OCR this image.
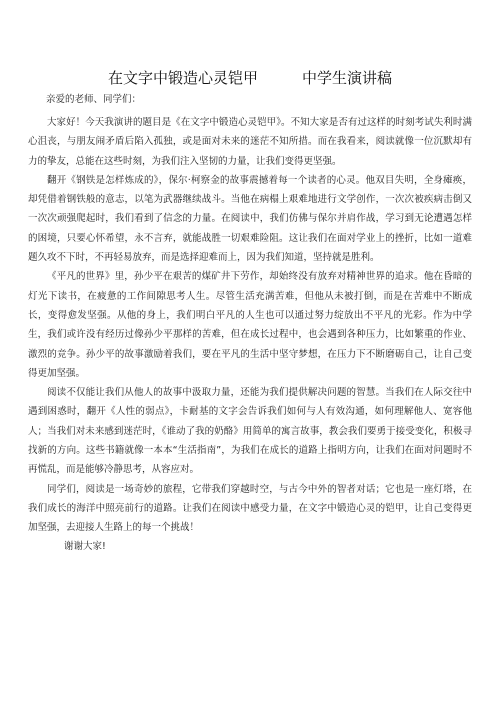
在文字中锻造心灵铠甲	中学生演讲稿
亲爱的老师、同学们：

大家好！今天我演讲的题目是《在文字中锻造心灵铠甲》。不知大家是否有过这样的时刻考试失利时满心沮丧，与朋友闹矛盾后陷入孤独，或是面对未来的迷茫不知所措。而在我看来，阅读就像一位沉默却有力的挚友，总能在这些时刻，为我们注入坚韧的力量，让我们变得更坚强。

翻开《钢铁是怎样炼成的》，保尔·柯察金的故事震撼着每一个读者的心灵。他双目失明，全身瘫痪，却凭借着钢铁般的意志，以笔为武器继续战斗。当他在病榻上艰难地进行文学创作，一次次被疾病击倒又一次次顽强爬起时，我们看到了信念的力量。在阅读中，我们仿佛与保尔并肩作战，学习到无论遭遇怎样的困境，只要心怀希望，永不言弃，就能战胜一切艰难险阻。这让我们在面对学业上的挫折，比如一道难题久攻不下时，不再轻易放弃，而是选择迎难而上，因为我们知道，坚持就是胜利。

《平凡的世界》里，孙少平在艰苦的煤矿井下劳作，却始终没有放弃对精神世界的追求。他在昏暗的灯光下读书，在疲惫的工作间隙思考人生。尽管生活充满苦难，但他从未被打倒，而是在苦难中不断成长，变得愈发坚强。从他的身上，我们明白平凡的人生也可以通过努力绽放出不平凡的光彩。作为中学生，我们或许没有经历过像孙少平那样的苦难，但在成长过程中，也会遇到各种压力，比如繁重的作业、激烈的竞争。孙少平的故事激励着我们，要在平凡的生活中坚守梦想，在压力下不断磨砺自己，让自己变得更加坚强。

阅读不仅能让我们从他人的故事中汲取力量，还能为我们提供解决问题的智慧。当我们在人际交往中遇到困惑时，翻开《人性的弱点》，卡耐基的文字会告诉我们如何与人有效沟通，如何理解他人、宽容他人；当我们对未来感到迷茫时，《谁动了我的奶酪》用简单的寓言故事，教会我们要勇于接受变化，积极寻找新的方向。这些书籍就像一本本“生活指南”，为我们在成长的道路上指明方向，让我们在面对问题时不再慌乱，而是能够冷静思考，从容应对。

同学们，阅读是一场奇妙的旅程，它带我们穿越时空，与古今中外的智者对话；它也是一座灯塔，在我们成长的海洋中照亮前行的道路。让我们在阅读中感受力量，在文字中锻造心灵的铠甲，让自己变得更加坚强，去迎接人生路上的每一个挑战！

谢谢大家!
